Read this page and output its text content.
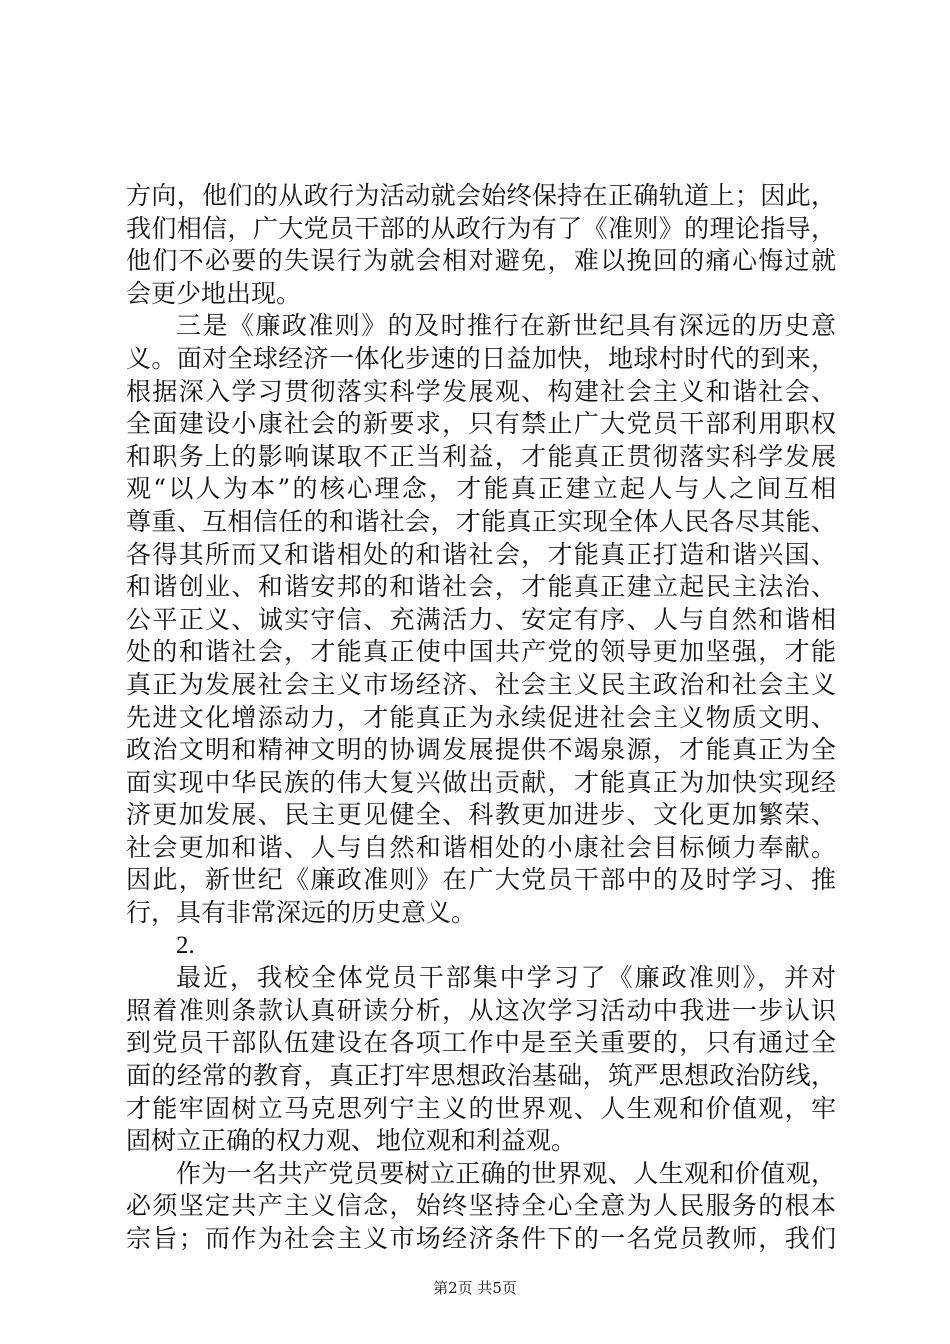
方向，他们的从政行为活动就会始终保持在正确轨道上；因此，
我们相信，广大党员干部的从政行为有了《准则》的理论指导，
他们不必要的失误行为就会相对避免，难以挽回的痛心悔过就
会更少地出现。
三是《廉政准则》的及时推行在新世纪具有深远的历史意
义。面对全球经济一体化步速的日益加快，地球村时代的到来，
根据深入学习贯彻落实科学发展观、构建社会主义和谐社会、
全面建设小康社会的新要求，只有禁止广大党员干部利用职权
和职务上的影响谋取不正当利益，才能真正贯彻落实科学发展
观“以人为本”的核心理念，才能真正建立起人与人之间互相
尊重、互相信任的和谐社会，才能真正实现全体人民各尽其能、
各得其所而又和谐相处的和谐社会，才能真正打造和谐兴国、
和谐创业、和谐安邦的和谐社会，才能真正建立起民主法治、
公平正义、诚实守信、充满活力、安定有序、人与自然和谐相
处的和谐社会，才能真正使中国共产党的领导更加坚强，才能
真正为发展社会主义市场经济、社会主义民主政治和社会主义
先进文化增添动力，才能真正为永续促进社会主义物质文明、
政治文明和精神文明的协调发展提供不竭泉源，才能真正为全
面实现中华民族的伟大复兴做出贡献，才能真正为加快实现经
济更加发展、民主更见健全、科教更加进步、文化更加繁荣、
社会更加和谐、人与自然和谐相处的小康社会目标倾力奉献。
因此，新世纪《廉政准则》在广大党员干部中的及时学习、推
行，具有非常深远的历史意义。
2.
最近，我校全体党员干部集中学习了《廉政准则》，并对
照着准则条款认真研读分析，从这次学习活动中我进一步认识
到党员干部队伍建设在各项工作中是至关重要的，只有通过全
面的经常的教育，真正打牢思想政治基础，筑严思想政治防线，
才能牢固树立马克思列宁主义的世界观、人生观和价值观，牢
固树立正确的权力观、地位观和利益观。
作为一名共产党员要树立正确的世界观、人生观和价值观，
必须坚定共产主义信念，始终坚持全心全意为人民服务的根本
宗旨；而作为社会主义市场经济条件下的一名党员教师，我们
第2页 共5页
